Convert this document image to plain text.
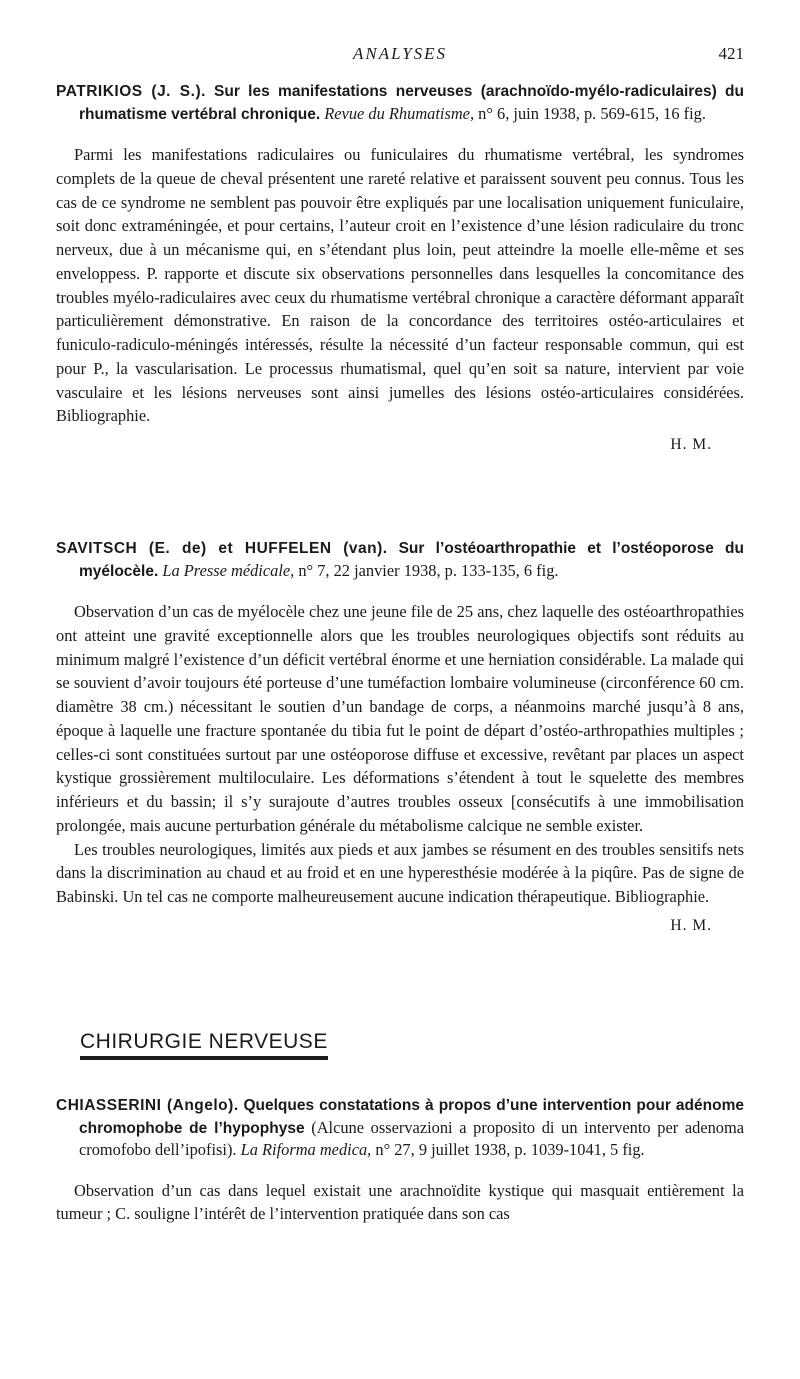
ANALYSES	421

PATRIKIOS (J. S.). Sur les manifestations nerveuses (arachnoïdo-myélo-radiculaires) du rhumatisme vertébral chronique. Revue du Rhumatisme, n° 6, juin 1938, p. 569-615, 16 fig.

Parmi les manifestations radiculaires ou funiculaires du rhumatisme vertébral, les syndromes complets de la queue de cheval présentent une rareté relative et paraissent souvent peu connus. Tous les cas de ce syndrome ne semblent pas pouvoir être expliqués par une localisation uniquement funiculaire, soit donc extraméningée, et pour certains, l’auteur croit en l’existence d’une lésion radiculaire du tronc nerveux, due à un mécanisme qui, en s’étendant plus loin, peut atteindre la moelle elle-même et ses enveloppess. P. rapporte et discute six observations personnelles dans lesquelles la concomitance des troubles myélo-radiculaires avec ceux du rhumatisme vertébral chronique a caractère déformant apparaît particulièrement démonstrative. En raison de la concordance des territoires ostéo-articulaires et funiculo-radiculo-méningés intéressés, résulte la nécessité d’un facteur responsable commun, qui est pour P., la vascularisation. Le processus rhumatismal, quel qu’en soit sa nature, intervient par voie vasculaire et les lésions nerveuses sont ainsi jumelles des lésions ostéo-articulaires considérées. Bibliographie.

H. M.

SAVITSCH (E. de) et HUFFELEN (van). Sur l’ostéoarthropathie et l’ostéoporose du myélocèle. La Presse médicale, n° 7, 22 janvier 1938, p. 133-135, 6 fig.

Observation d’un cas de myélocèle chez une jeune file de 25 ans, chez laquelle des ostéoarthropathies ont atteint une gravité exceptionnelle alors que les troubles neurologiques objectifs sont réduits au minimum malgré l’existence d’un déficit vertébral énorme et une herniation considérable. La malade qui se souvient d’avoir toujours été porteuse d’une tuméfaction lombaire volumineuse (circonférence 60 cm. diamètre 38 cm.) nécessitant le soutien d’un bandage de corps, a néanmoins marché jusqu’à 8 ans, époque à laquelle une fracture spontanée du tibia fut le point de départ d’ostéo-arthropathies multiples ; celles-ci sont constituées surtout par une ostéoporose diffuse et excessive, revêtant par places un aspect kystique grossièrement multiloculaire. Les déformations s’étendent à tout le squelette des membres inférieurs et du bassin; il s’y surajoute d’autres troubles osseux [consécutifs à une immobilisation prolongée, mais aucune perturbation générale du métabolisme calcique ne semble exister.

Les troubles neurologiques, limités aux pieds et aux jambes se résument en des troubles sensitifs nets dans la discrimination au chaud et au froid et en une hyperesthésie modérée à la piqûre. Pas de signe de Babinski. Un tel cas ne comporte malheureusement aucune indication thérapeutique. Bibliographie.

H. M.
CHIRURGIE NERVEUSE

CHIASSERINI (Angelo). Quelques constatations à propos d’une intervention pour adénome chromophobe de l’hypophyse (Alcune osservazioni a proposito di un intervento per adenoma cromofobo dell’ipofisi). La Riforma medica, n° 27, 9 juillet 1938, p. 1039-1041, 5 fig.

Observation d’un cas dans lequel existait une arachnoïdite kystique qui masquait entièrement la tumeur ; C. souligne l’intérêt de l’intervention pratiquée dans son cas
